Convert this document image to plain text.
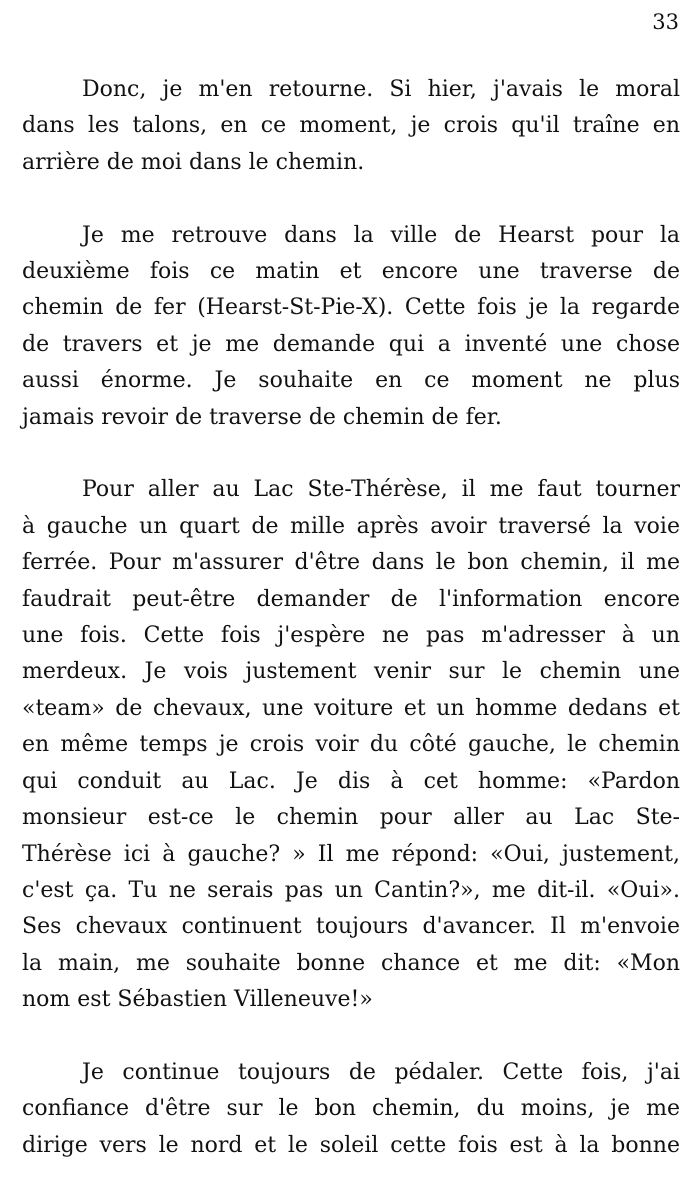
33

Donc, je m'en retourne. Si hier, j'avais le moral
dans les talons, en ce moment, je crois qu'il traîne en
arrière de moi dans le chemin.

Je me retrouve dans la ville de Hearst pour la
deuxième fois ce matin et encore une traverse de
chemin de fer (Hearst-St-Pie-X). Cette fois je la regarde
de travers et je me demande qui a inventé une chose
aussi énorme. Je souhaite en ce moment ne plus
jamais revoir de traverse de chemin de fer.

Pour aller au Lac Ste-Thérèse, il me faut tourner
à gauche un quart de mille après avoir traversé la voie
ferrée. Pour m'assurer d'être dans le bon chemin, il me
faudrait peut-être demander de l'information encore
une fois. Cette fois j'espère ne pas m'adresser à un
merdeux. Je vois justement venir sur le chemin une
«team» de chevaux, une voiture et un homme dedans et
en même temps je crois voir du côté gauche, le chemin
qui conduit au Lac. Je dis à cet homme: «Pardon
monsieur est-ce le chemin pour aller au Lac Ste-
Thérèse ici à gauche? » Il me répond: «Oui, justement,
c'est ça. Tu ne serais pas un Cantin?», me dit-il. «Oui».
Ses chevaux continuent toujours d'avancer. Il m'envoie
la main, me souhaite bonne chance et me dit: «Mon
nom est Sébastien Villeneuve!»

Je continue toujours de pédaler. Cette fois, j'ai
confiance d'être sur le bon chemin, du moins, je me
dirige vers le nord et le soleil cette fois est à la bonne
